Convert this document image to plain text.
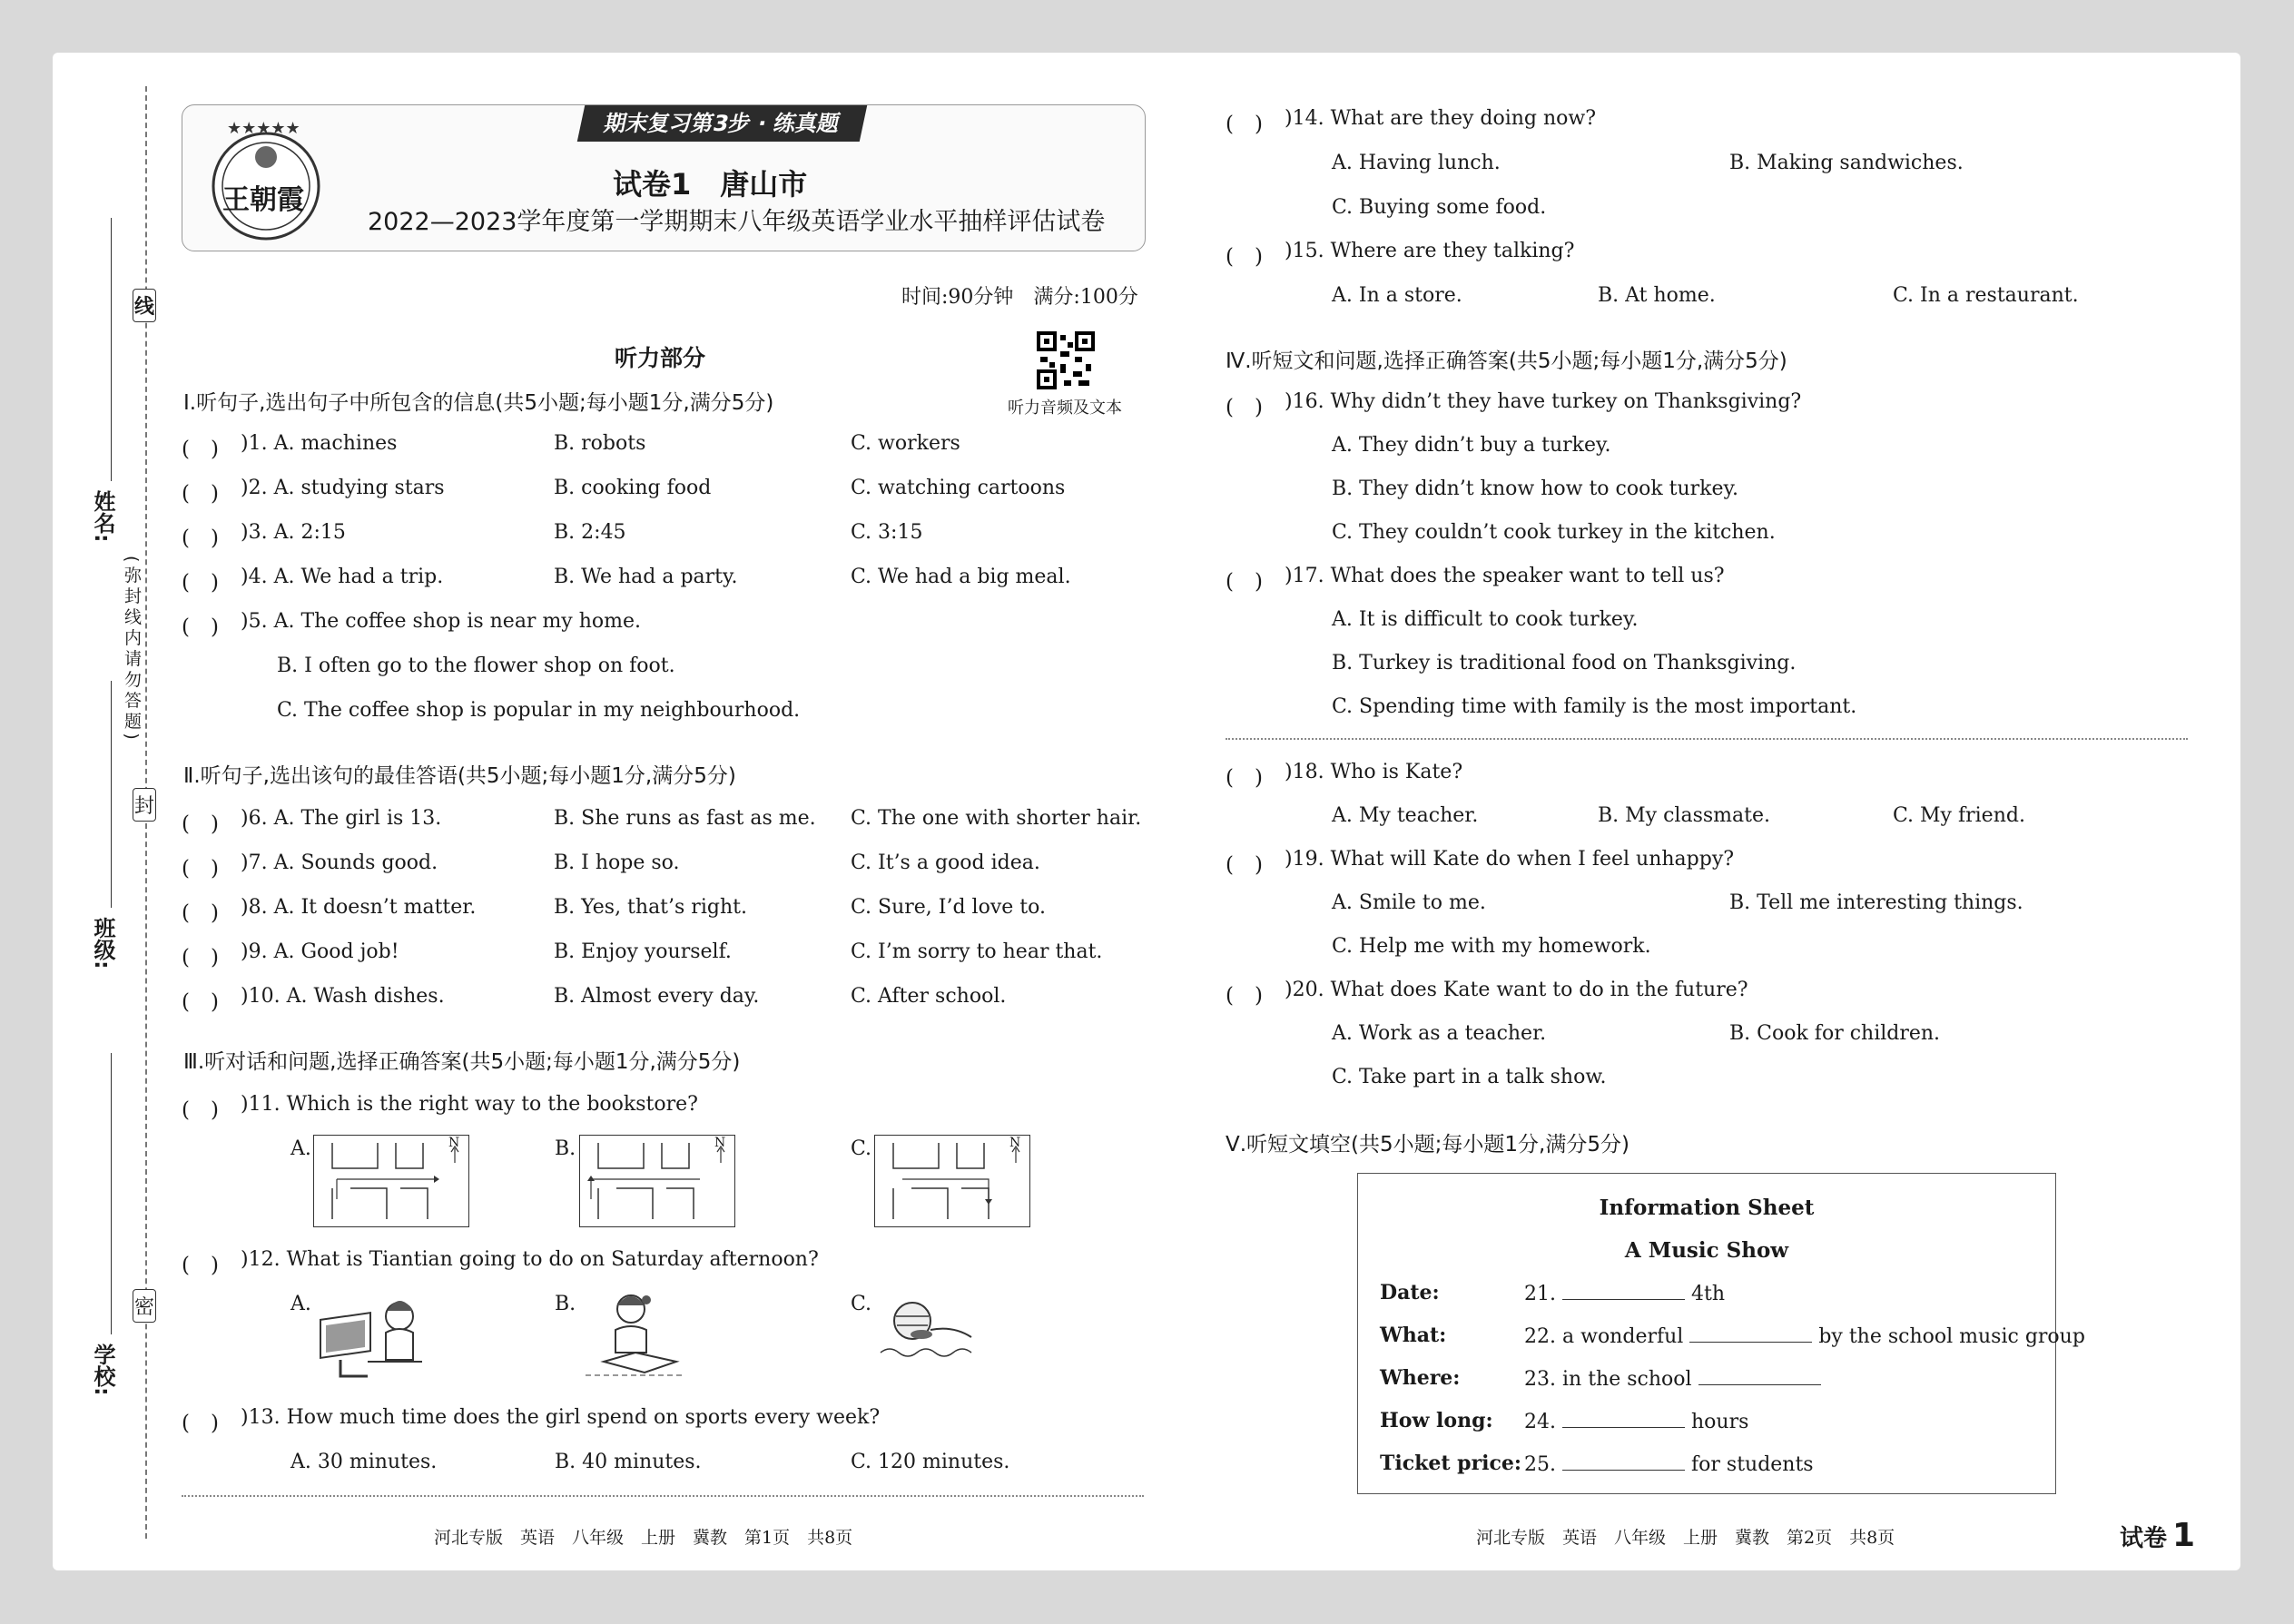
线
封
密
(弥封线内请勿答题)
姓名:
班级:
学校:
★★★★★
王朝霞
期末复习第3步 · 练真题
试卷1　唐山市
2022—2023学年度第一学期期末八年级英语学业水平抽样评估试卷
时间:90分钟　满分:100分
听力部分
听力音频及文本
Ⅰ.听句子,选出句子中所包含的信息(共5小题;每小题1分,满分5分)
(　) )1. A. machines	B. robots	C. workers
(　) )2. A. studying stars	B. cooking food	C. watching cartoons
(　) )3. A. 2:15	B. 2:45	C. 3:15
(　) )4. A. We had a trip.	B. We had a party.	C. We had a big meal.
(　) )5. A. The coffee shop is near my home.
B. I often go to the flower shop on foot.
C. The coffee shop is popular in my neighbourhood.
Ⅱ.听句子,选出该句的最佳答语(共5小题;每小题1分,满分5分)
(　) )6. A. The girl is 13.	B. She runs as fast as me. C. The one with shorter hair.
(　) )7. A. Sounds good.	B. I hope so.	C. It’s a good idea.
(　) )8. A. It doesn’t matter.	B. Yes, that’s right.	C. Sure, I’d love to.
(　) )9. A. Good job!	B. Enjoy yourself.	C. I’m sorry to hear that.
(　) )10. A. Wash dishes.	B. Almost every day.	C. After school.
Ⅲ.听对话和问题,选择正确答案(共5小题;每小题1分,满分5分)
(　) )11. Which is the right way to the bookstore?
A.	N	B.	N	C.	N
(　) )12. What is Tiantian going to do on Saturday afternoon?
A.	B.	C.
(　) )13. How much time does the girl spend on sports every week?
A. 30 minutes.	B. 40 minutes.	C. 120 minutes.
河北专版　英语　八年级　上册　冀教　第1页　共8页
(　) )14. What are they doing now?
A. Having lunch.	B. Making sandwiches.
C. Buying some food.
(　) )15. Where are they talking?
A. In a store.	B. At home.	C. In a restaurant.
Ⅳ.听短文和问题,选择正确答案(共5小题;每小题1分,满分5分)
(　) )16. Why didn’t they have turkey on Thanksgiving?
A. They didn’t buy a turkey.
B. They didn’t know how to cook turkey.
C. They couldn’t cook turkey in the kitchen.
(　) )17. What does the speaker want to tell us?
A. It is difficult to cook turkey.
B. Turkey is traditional food on Thanksgiving.
C. Spending time with family is the most important.
(　) )18. Who is Kate?
A. My teacher.	B. My classmate.	C. My friend.
(　) )19. What will Kate do when I feel unhappy?
A. Smile to me.	B. Tell me interesting things.
C. Help me with my homework.
(　) )20. What does Kate want to do in the future?
A. Work as a teacher.	B. Cook for children.
C. Take part in a talk show.
Ⅴ.听短文填空(共5小题;每小题1分,满分5分)
Information Sheet
A Music Show
Date:	21.	4th
What:	22. a wonderful	by the school music group
Where:	23. in the school
How long: 24.	hours
Ticket price: 25.	for students
河北专版　英语　八年级　上册　冀教　第2页　共8页	试卷 1
